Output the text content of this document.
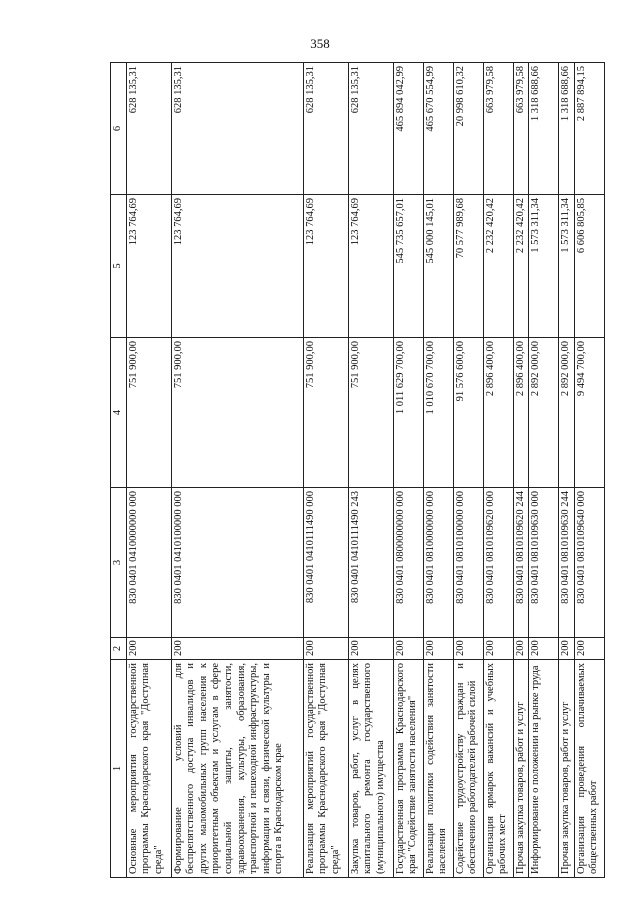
358
1	2	3	4	5	6
Основные мероприятия государственной программы Краснодарского края "Доступная среда"	200	830 0401 0410000000 000	751 900,00	123 764,69	628 135,31
Формирование условий для беспрепятственного доступа инвалидов и других маломобильных групп населения к приоритетным объектам и услугам в сфере социальной защиты, занятости, здравоохранения, культуры, образования, транспортной и пешеходной инфраструктуры, информации и связи, физической культуры и спорта в Краснодарском крае	200	830 0401 0410100000 000	751 900,00	123 764,69	628 135,31
Реализация мероприятий государственной программы Краснодарского края "Доступная среда"	200	830 0401 0410111490 000	751 900,00	123 764,69	628 135,31
Закупка товаров, работ, услуг в целях капитального ремонта государственного (муниципального) имущества	200	830 0401 0410111490 243	751 900,00	123 764,69	628 135,31
Государственная программа Краснодарского края "Содействие занятости населения"	200	830 0401 0800000000 000	1 011 629 700,00	545 735 657,01	465 894 042,99
Реализация политики содействия занятости населения	200	830 0401 0810000000 000	1 010 670 700,00	545 000 145,01	465 670 554,99
Содействие трудоустройству граждан и обеспечению работодателей рабочей силой	200	830 0401 0810100000 000	91 576 600,00	70 577 989,68	20 998 610,32
Организация ярмарок вакансий и учебных рабочих мест	200	830 0401 0810109620 000	2 896 400,00	2 232 420,42	663 979,58
Прочая закупка товаров, работ и услуг	200	830 0401 0810109620 244	2 896 400,00	2 232 420,42	663 979,58
Информирование о положении на рынке труда	200	830 0401 0810109630 000	2 892 000,00	1 573 311,34	1 318 688,66
Прочая закупка товаров, работ и услуг	200	830 0401 0810109630 244	2 892 000,00	1 573 311,34	1 318 688,66
Организация проведения оплачиваемых общественных работ	200	830 0401 0810109640 000	9 494 700,00	6 606 805,85	2 887 894,15
